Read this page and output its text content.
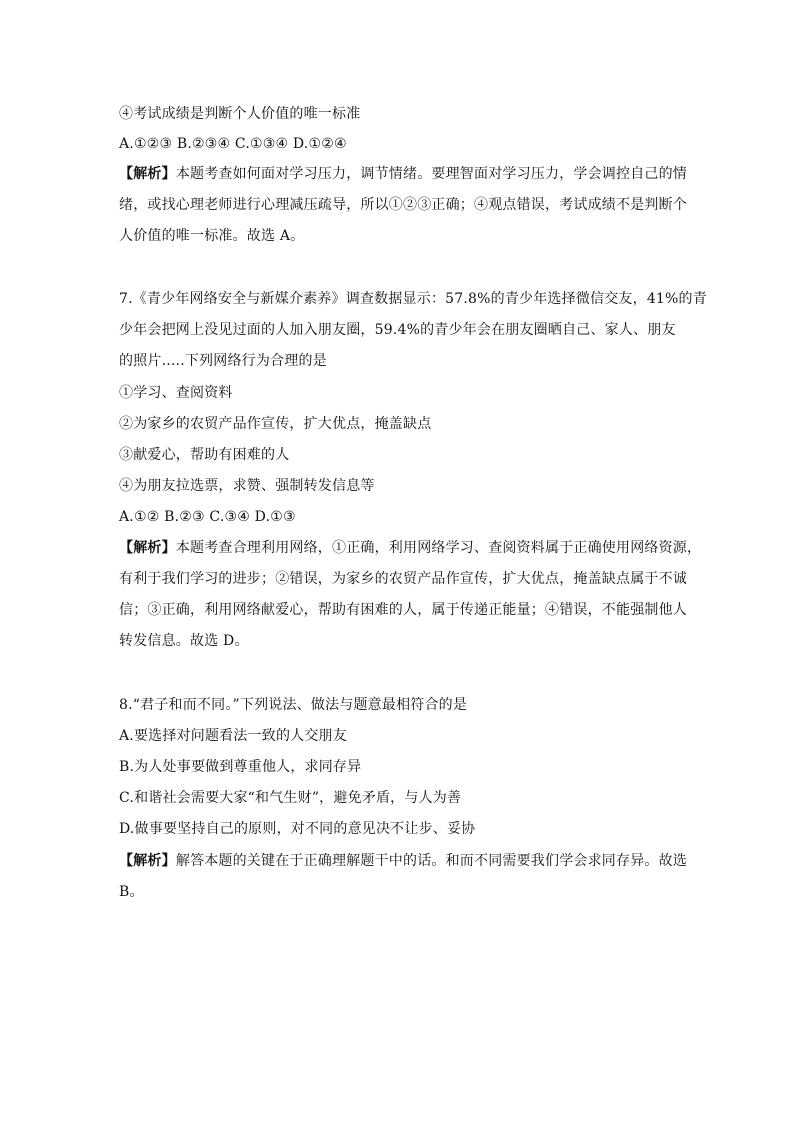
④考试成绩是判断个人价值的唯一标准
A.①②③ B.②③④ C.①③④ D.①②④
【解析】本题考查如何面对学习压力，调节情绪。要理智面对学习压力，学会调控自己的情
绪，或找心理老师进行心理减压疏导，所以①②③正确；④观点错误，考试成绩不是判断个
人价值的唯一标准。故选 A。
7.《青少年网络安全与新媒介素养》调查数据显示：57.8%的青少年选择微信交友，41%的青
少年会把网上没见过面的人加入朋友圈，59.4%的青少年会在朋友圈晒自己、家人、朋友
的照片.....下列网络行为合理的是
①学习、查阅资料
②为家乡的农贸产品作宣传，扩大优点，掩盖缺点
③献爱心，帮助有困难的人
④为朋友拉选票，求赞、强制转发信息等
A.①② B.②③ C.③④ D.①③
【解析】本题考查合理利用网络，①正确，利用网络学习、查阅资料属于正确使用网络资源，
有利于我们学习的进步；②错误，为家乡的农贸产品作宣传，扩大优点，掩盖缺点属于不诚
信；③正确，利用网络献爱心，帮助有困难的人，属于传递正能量；④错误，不能强制他人
转发信息。故选 D。
8.“君子和而不同。”下列说法、做法与题意最相符合的是
A.要选择对问题看法一致的人交朋友
B.为人处事要做到尊重他人，求同存异
C.和谐社会需要大家“和气生财”，避免矛盾，与人为善
D.做事要坚持自己的原则，对不同的意见决不让步、妥协
【解析】解答本题的关键在于正确理解题干中的话。和而不同需要我们学会求同存异。故选
B。
